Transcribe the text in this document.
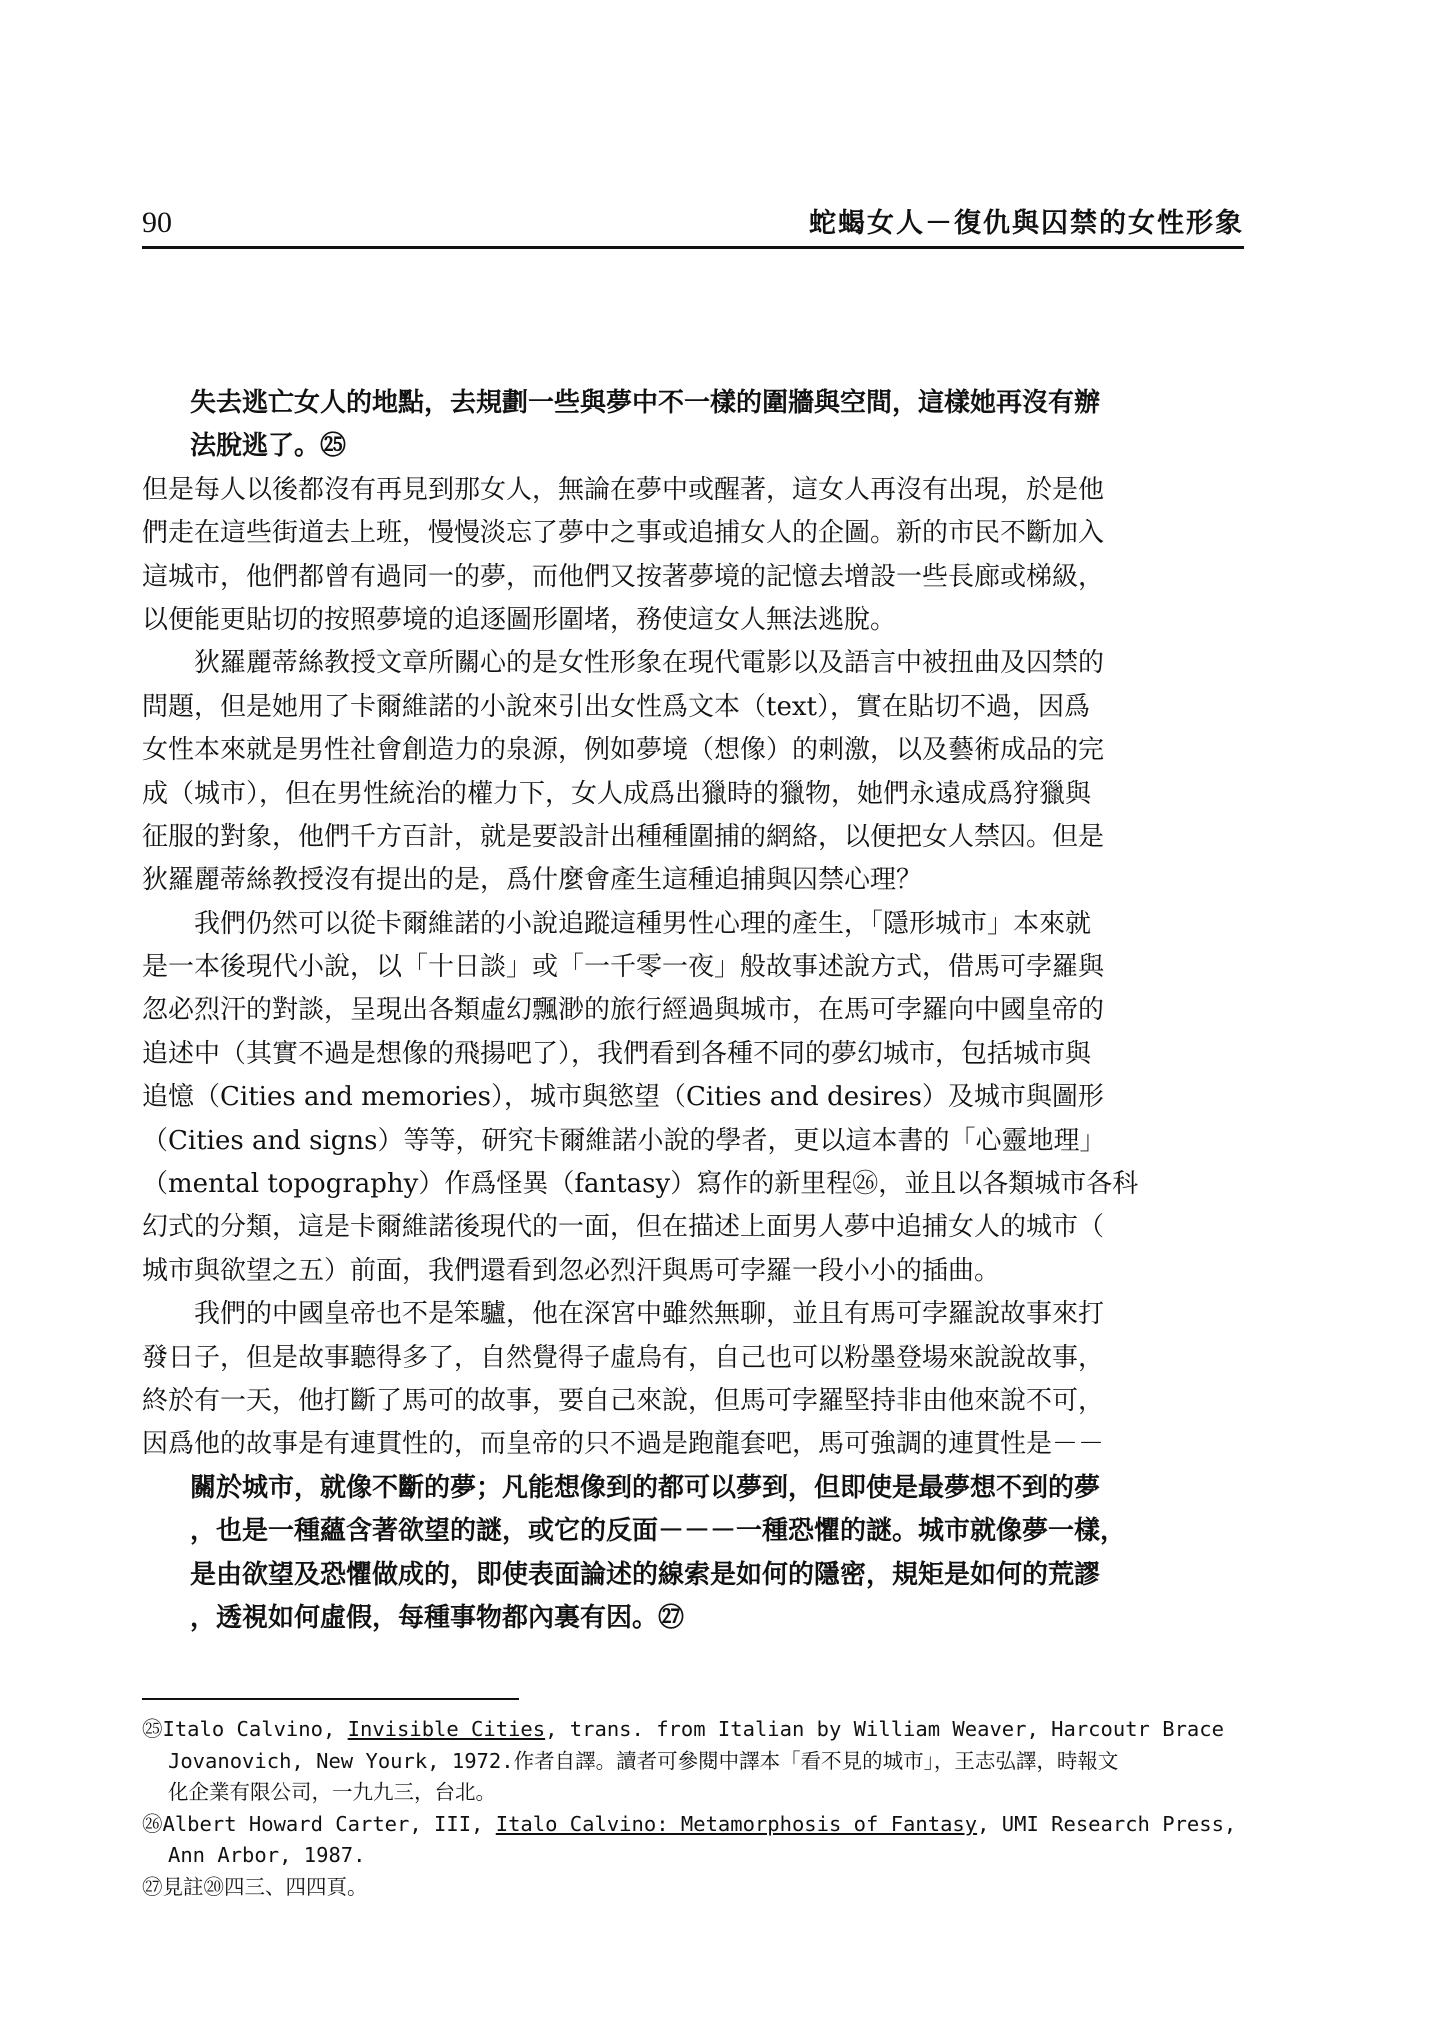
90	蛇蝎女人－復仇與囚禁的女性形象
失去逃亡女人的地點，去規劃一些與夢中不一樣的圍牆與空間，這樣她再沒有辦
法脫逃了。㉕
但是每人以後都沒有再見到那女人，無論在夢中或醒著，這女人再沒有出現，於是他
們走在這些街道去上班，慢慢淡忘了夢中之事或追捕女人的企圖。新的市民不斷加入
這城市，他們都曾有過同一的夢，而他們又按著夢境的記憶去增設一些長廊或梯級，
以便能更貼切的按照夢境的追逐圖形圍堵，務使這女人無法逃脫。
狄羅麗蒂絲教授文章所關心的是女性形象在現代電影以及語言中被扭曲及囚禁的
問題，但是她用了卡爾維諾的小說來引出女性爲文本（text），實在貼切不過，因爲
女性本來就是男性社會創造力的泉源，例如夢境（想像）的刺激，以及藝術成品的完
成（城市），但在男性統治的權力下，女人成爲出獵時的獵物，她們永遠成爲狩獵與
征服的對象，他們千方百計，就是要設計出種種圍捕的網絡，以便把女人禁囚。但是
狄羅麗蒂絲教授沒有提出的是，爲什麼會產生這種追捕與囚禁心理？
我們仍然可以從卡爾維諾的小說追蹤這種男性心理的產生，「隱形城市」本來就
是一本後現代小說，以「十日談」或「一千零一夜」般故事述說方式，借馬可孛羅與
忽必烈汗的對談，呈現出各類虛幻飄渺的旅行經過與城市，在馬可孛羅向中國皇帝的
追述中（其實不過是想像的飛揚吧了），我們看到各種不同的夢幻城市，包括城市與
追憶（Cities and memories），城市與慾望（Cities and desires）及城市與圖形
（Cities and signs）等等，研究卡爾維諾小說的學者，更以這本書的「心靈地理」
（mental topography）作爲怪異（fantasy）寫作的新里程㉖，並且以各類城市各科
幻式的分類，這是卡爾維諾後現代的一面，但在描述上面男人夢中追捕女人的城市（
城市與欲望之五）前面，我們還看到忽必烈汗與馬可孛羅一段小小的插曲。
我們的中國皇帝也不是笨驢，他在深宮中雖然無聊，並且有馬可孛羅說故事來打
發日子，但是故事聽得多了，自然覺得子虛烏有，自己也可以粉墨登場來說說故事，
終於有一天，他打斷了馬可的故事，要自己來說，但馬可孛羅堅持非由他來說不可，
因爲他的故事是有連貫性的，而皇帝的只不過是跑龍套吧，馬可強調的連貫性是－－
關於城市，就像不斷的夢；凡能想像到的都可以夢到，但即使是最夢想不到的夢
，也是一種蘊含著欲望的謎，或它的反面－－－一種恐懼的謎。城市就像夢一樣，
是由欲望及恐懼做成的，即使表面論述的線索是如何的隱密，規矩是如何的荒謬
，透視如何虛假，每種事物都內裏有因。㉗
㉕Italo Calvino, Invisible Cities, trans. from Italian by William Weaver, Harcoutr Brace
Jovanovich, New Yourk, 1972.作者自譯。讀者可參閱中譯本「看不見的城市」，王志弘譯，時報文
化企業有限公司，一九九三，台北。
㉖Albert Howard Carter, III, Italo Calvino: Metamorphosis of Fantasy, UMI Research Press,
Ann Arbor, 1987.
㉗見註⑳四三、四四頁。
